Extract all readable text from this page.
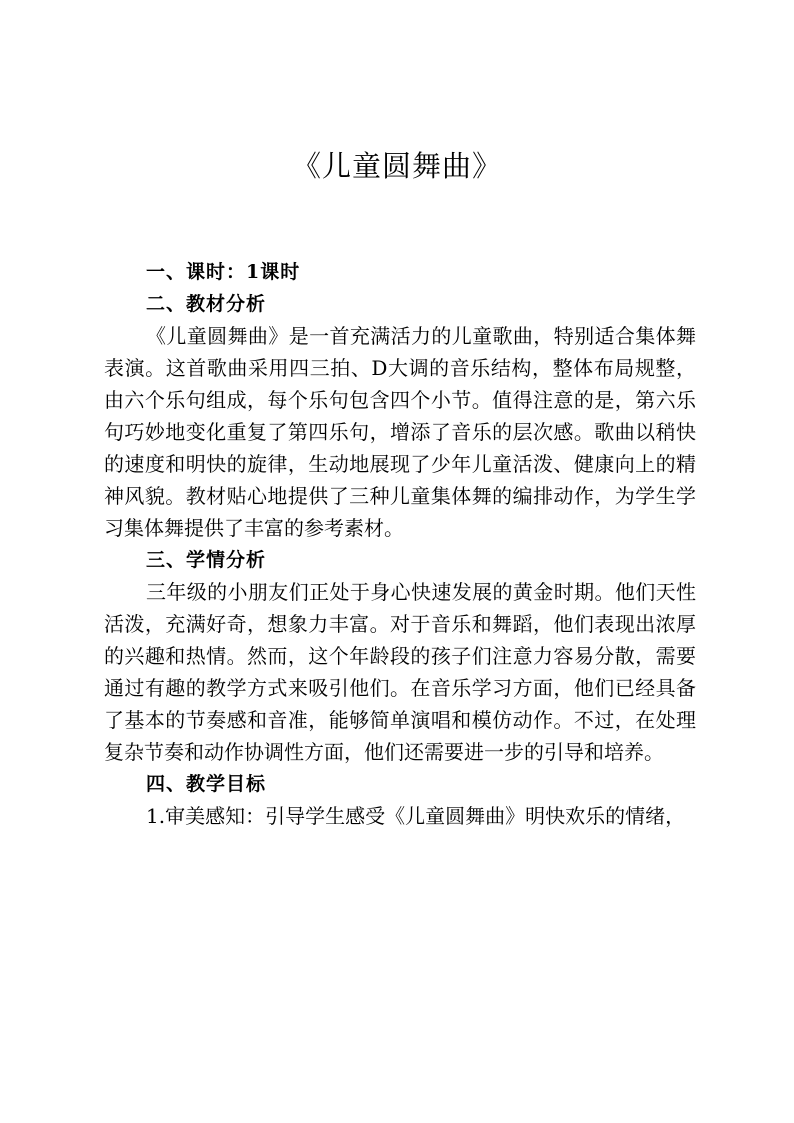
《儿童圆舞曲》

一、课时：1课时

二、教材分析

《儿童圆舞曲》是一首充满活力的儿童歌曲，特别适合集体舞表演。这首歌曲采用四三拍、D大调的音乐结构，整体布局规整，由六个乐句组成，每个乐句包含四个小节。值得注意的是，第六乐句巧妙地变化重复了第四乐句，增添了音乐的层次感。歌曲以稍快的速度和明快的旋律，生动地展现了少年儿童活泼、健康向上的精神风貌。教材贴心地提供了三种儿童集体舞的编排动作，为学生学习集体舞提供了丰富的参考素材。

三、学情分析

三年级的小朋友们正处于身心快速发展的黄金时期。他们天性活泼，充满好奇，想象力丰富。对于音乐和舞蹈，他们表现出浓厚的兴趣和热情。然而，这个年龄段的孩子们注意力容易分散，需要通过有趣的教学方式来吸引他们。在音乐学习方面，他们已经具备了基本的节奏感和音准，能够简单演唱和模仿动作。不过，在处理复杂节奏和动作协调性方面，他们还需要进一步的引导和培养。

四、教学目标

1.审美感知：引导学生感受《儿童圆舞曲》明快欢乐的情绪，
